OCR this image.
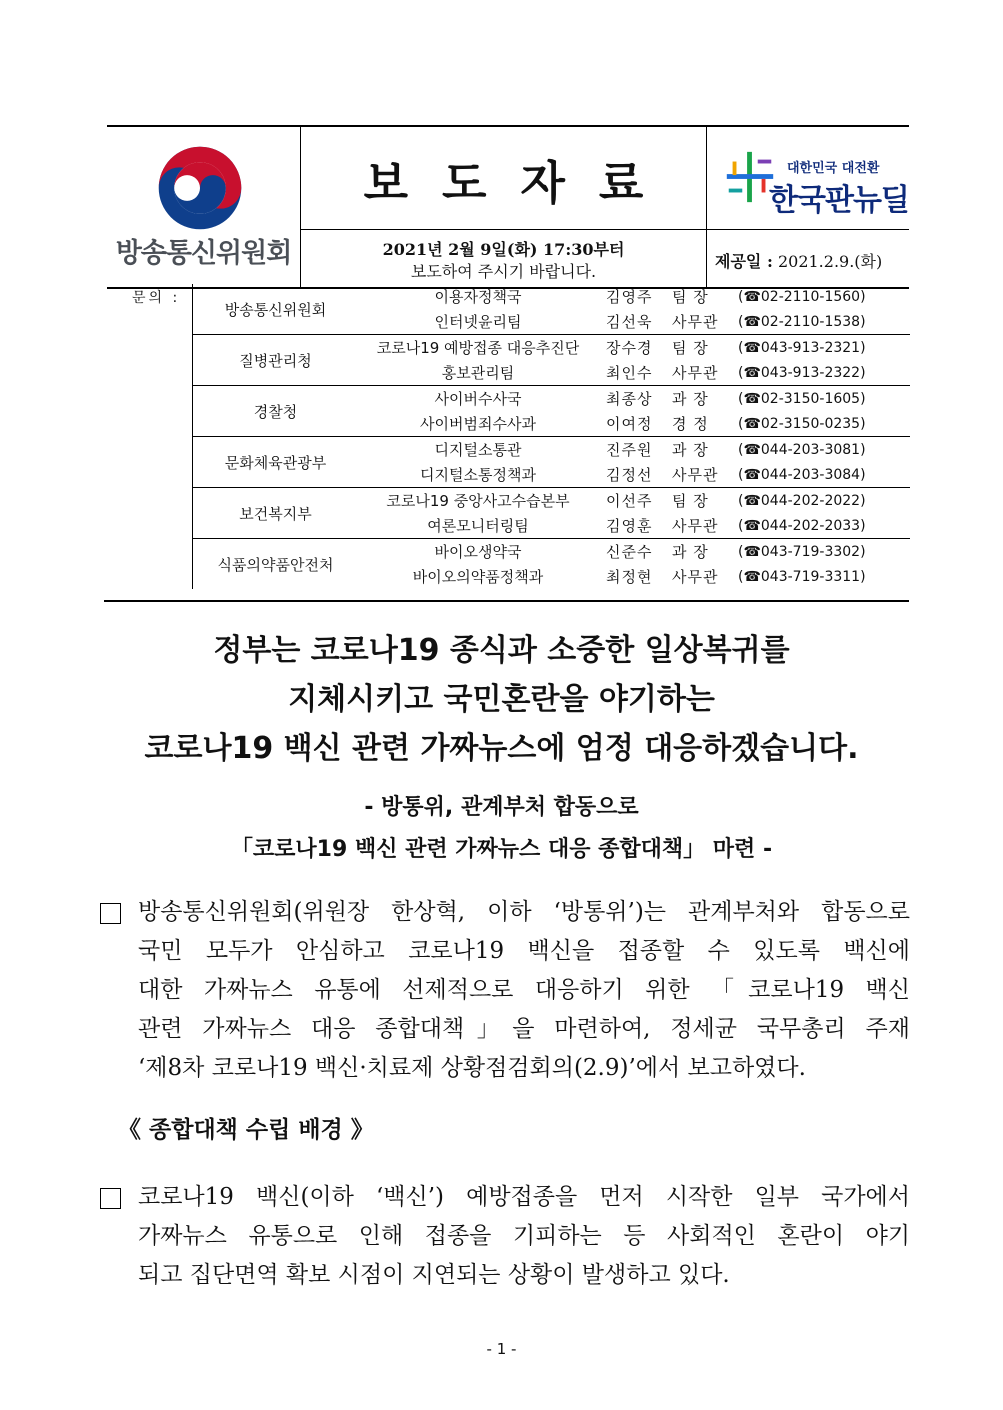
방송통신위원회
보도자료
2021년 2월 9일(화) 17:30부터
보도하여 주시기 바랍니다.
대한민국 대전환
한국판뉴딜
제공일 : 2021.2.9.(화)
문의 :
방송통신위원회	이용자정책국	김영주	팀 장	(☎02-2110-1560)
	인터넷윤리팀	김선욱	사무관	(☎02-2110-1538)
질병관리청	코로나19 예방접종 대응추진단	장수경	팀 장	(☎043-913-2321)
	홍보관리팀	최인수	사무관	(☎043-913-2322)
경찰청	사이버수사국	최종상	과 장	(☎02-3150-1605)
	사이버범죄수사과	이여정	경 정	(☎02-3150-0235)
문화체육관광부	디지털소통관	진주원	과 장	(☎044-203-3081)
	디지털소통정책과	김정선	사무관	(☎044-203-3084)
보건복지부	코로나19 중앙사고수습본부	이선주	팀 장	(☎044-202-2022)
	여론모니터링팀	김영훈	사무관	(☎044-202-2033)
식품의약품안전처	바이오생약국	신준수	과 장	(☎043-719-3302)
	바이오의약품정책과	최정현	사무관	(☎043-719-3311)
정부는 코로나19 종식과 소중한 일상복귀를
지체시키고 국민혼란을 야기하는
코로나19 백신 관련 가짜뉴스에 엄정 대응하겠습니다.
- 방통위, 관계부처 합동으로
「코로나19 백신 관련 가짜뉴스 대응 종합대책」 마련 -
방송통신위원회(위원장 한상혁, 이하 ‘방통위’)는 관계부처와 합동으로
국민 모두가 안심하고 코로나19 백신을 접종할 수 있도록 백신에
대한 가짜뉴스 유통에 선제적으로 대응하기 위한 「코로나19 백신
관련 가짜뉴스 대응 종합대책」을 마련하여, 정세균 국무총리 주재
‘제8차 코로나19 백신·치료제 상황점검회의(2.9)’에서 보고하였다.
《 종합대책 수립 배경 》
코로나19 백신(이하 ‘백신’) 예방접종을 먼저 시작한 일부 국가에서
가짜뉴스 유통으로 인해 접종을 기피하는 등 사회적인 혼란이 야기
되고 집단면역 확보 시점이 지연되는 상황이 발생하고 있다.
- 1 -
